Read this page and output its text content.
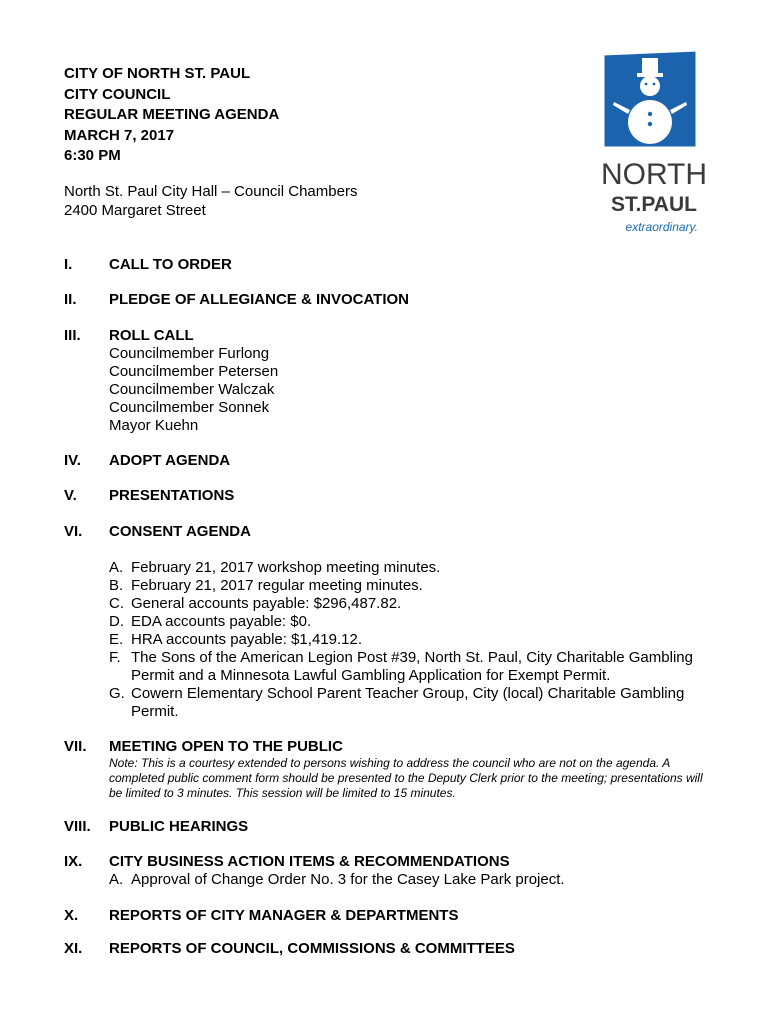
CITY OF NORTH ST. PAUL
CITY COUNCIL
REGULAR MEETING AGENDA
MARCH 7, 2017
6:30 PM
North St. Paul City Hall – Council Chambers
2400 Margaret Street
NORTH
ST.PAUL
extraordinary.
I. CALL TO ORDER
II. PLEDGE OF ALLEGIANCE & INVOCATION
III. ROLL CALL
Councilmember Furlong
Councilmember Petersen
Councilmember Walczak
Councilmember Sonnek
Mayor Kuehn
IV. ADOPT AGENDA
V. PRESENTATIONS
VI. CONSENT AGENDA
A. February 21, 2017 workshop meeting minutes.
B. February 21, 2017 regular meeting minutes.
C. General accounts payable: $296,487.82.
D. EDA accounts payable: $0.
E. HRA accounts payable: $1,419.12.
F. The Sons of the American Legion Post #39, North St. Paul, City Charitable Gambling Permit and a Minnesota Lawful Gambling Application for Exempt Permit.
G. Cowern Elementary School Parent Teacher Group, City (local) Charitable Gambling Permit.
VII. MEETING OPEN TO THE PUBLIC
Note: This is a courtesy extended to persons wishing to address the council who are not on the agenda. A completed public comment form should be presented to the Deputy Clerk prior to the meeting; presentations will be limited to 3 minutes. This session will be limited to 15 minutes.
VIII. PUBLIC HEARINGS
IX. CITY BUSINESS ACTION ITEMS & RECOMMENDATIONS
A. Approval of Change Order No. 3 for the Casey Lake Park project.
X. REPORTS OF CITY MANAGER & DEPARTMENTS
XI. REPORTS OF COUNCIL, COMMISSIONS & COMMITTEES
